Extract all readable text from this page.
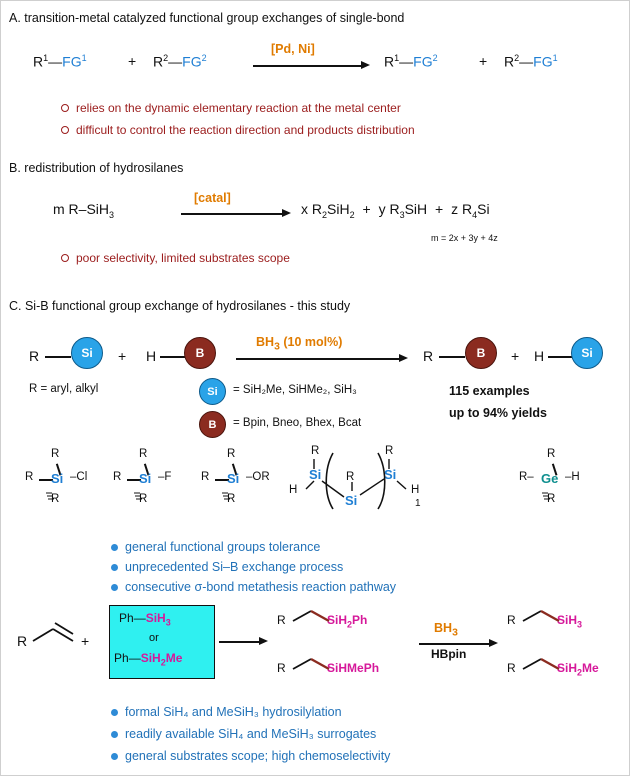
A. transition-metal catalyzed functional group exchanges of single-bond
$R^1—FG^1$	+ $R^2—FG^2$
[Pd, Ni]
$R^1—FG^2$	+ $R^2—FG^1$
relies on the dynamic elementary reaction at the metal center
difficult to control the reaction direction and products distribution
B. redistribution of hydrosilanes
m R–SiH$_3$
[catal]
x $R_2SiH_2 + y$ $R_3SiH + z$ $R_4Si$
m = 2x + 3y + 4z
poor selectivity, limited substrates scope
C. Si-B functional group exchange of hydrosilanes - this study
R	Si + H	B
$BH_3$ (10 mol%)
R	B + H	Si
R = aryl, alkyl	Si = SiH₂Me, SiHMe₂, SiH₃
B = Bpin, Bneo, Bhex, Bcat
115 examples
up to 94% yields
R
R Si –Cl
R
R
R Si –F
R
R
R Si –OR
R
R
Si
H
R
Si
R
Si
H
1
R
R– Ge –H
R
general functional groups tolerance
unprecedented Si–B exchange process
consecutive σ-bond metathesis reaction pathway
R	+
Ph—SiH$_3$
or
Ph—SiH$_2$Me
R	SiH$_2$Ph
R	SiHMePh
$BH_3$
HBpin
R	SiH$_3$
R	SiH$_2$Me
formal SiH₄ and MeSiH₃ hydrosilylation
readily available SiH₄ and MeSiH₃ surrogates
general substrates scope; high chemoselectivity
